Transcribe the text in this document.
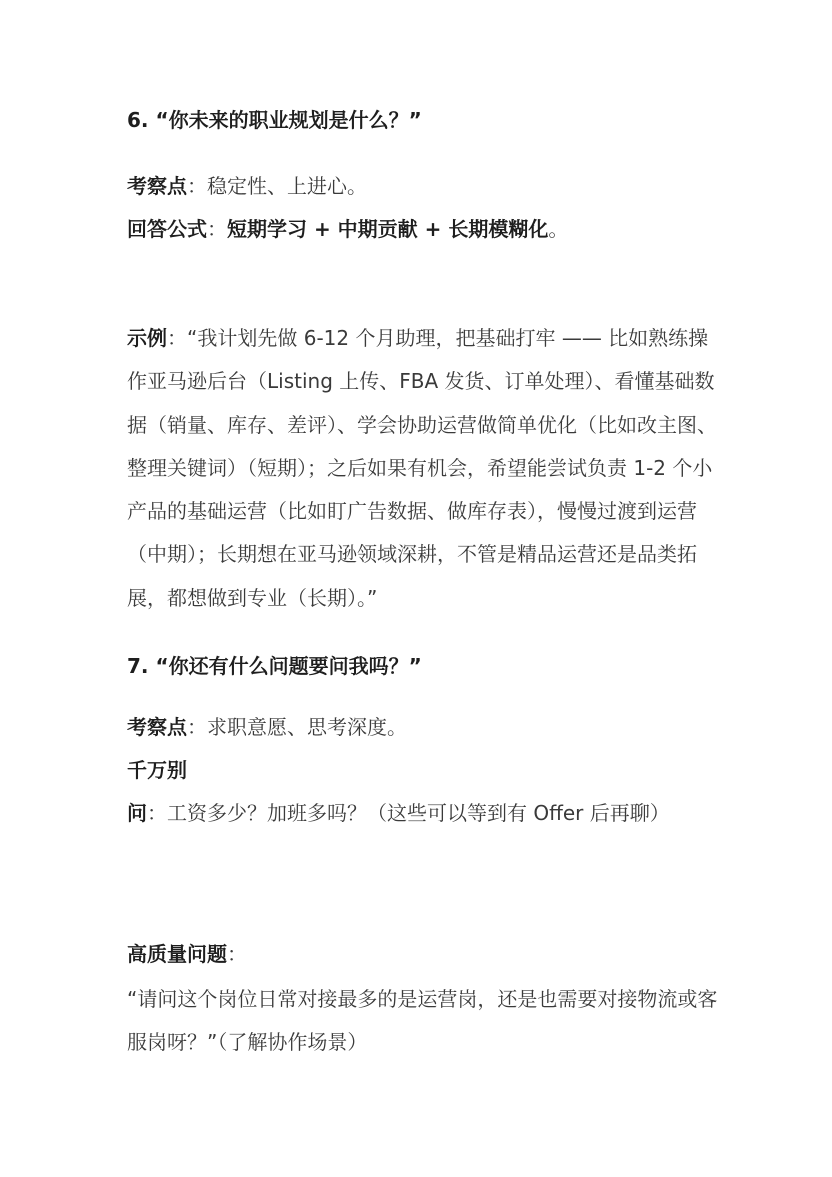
6. “你未来的职业规划是什么？”

考察点：稳定性、上进心。

回答公式：短期学习 + 中期贡献 + 长期模糊化。

示例：“我计划先做 6-12 个月助理，把基础打牢 —— 比如熟练操作亚马逊后台（Listing 上传、FBA 发货、订单处理）、看懂基础数据（销量、库存、差评）、学会协助运营做简单优化（比如改主图、整理关键词）（短期）；之后如果有机会，希望能尝试负责 1-2 个小产品的基础运营（比如盯广告数据、做库存表），慢慢过渡到运营（中期）；长期想在亚马逊领域深耕，不管是精品运营还是品类拓展，都想做到专业（长期）。”

7. “你还有什么问题要问我吗？”

考察点：求职意愿、思考深度。

千万别问：工资多少？加班多吗？（这些可以等到有 Offer 后再聊）

高质量问题：

“请问这个岗位日常对接最多的是运营岗，还是也需要对接物流或客服岗呀？”（了解协作场景）
